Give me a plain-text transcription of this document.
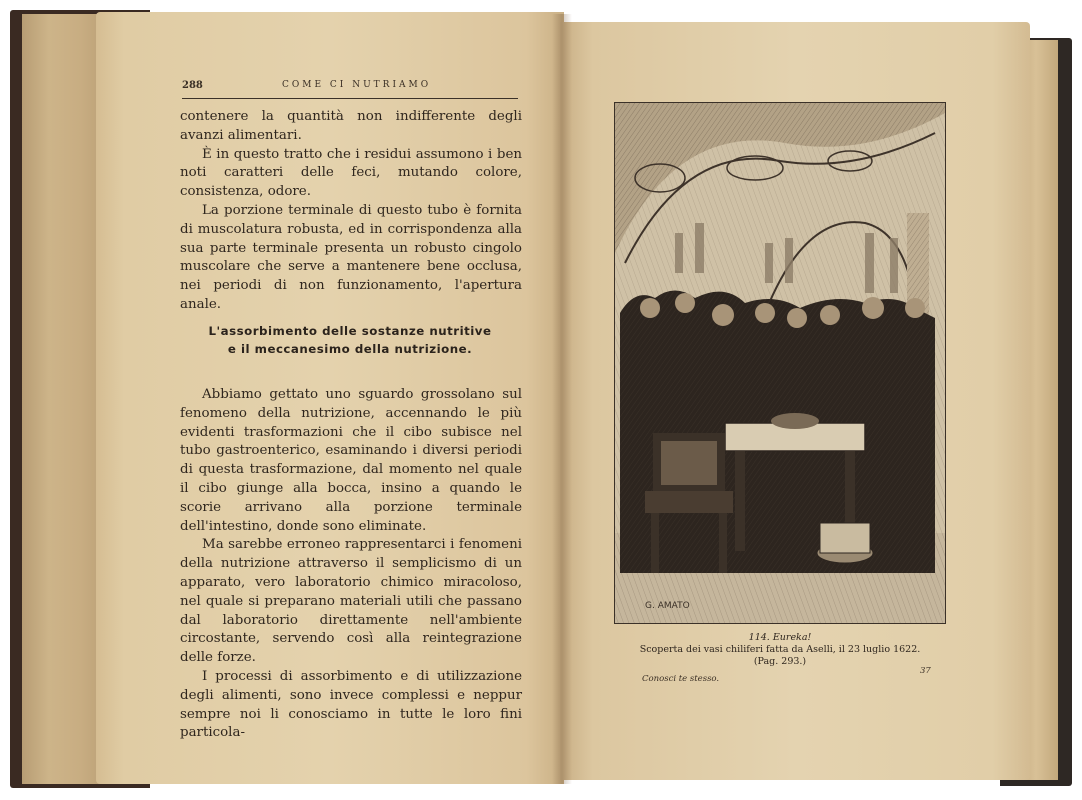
288	COME CI NUTRIAMO

contenere la quantità non indifferente degli avanzi alimentari.

È in questo tratto che i residui assumono i ben noti caratteri delle feci, mutando colore, consistenza, odore.

La porzione terminale di questo tubo è fornita di muscolatura robusta, ed in corrispondenza alla sua parte terminale presenta un robusto cingolo muscolare che serve a mantenere bene occlusa, nei periodi di non funzionamento, l'apertura anale.

L'assorbimento delle sostanze nutritive
e il meccanesimo della nutrizione.

Abbiamo gettato uno sguardo grossolano sul fenomeno della nutrizione, accennando le più evidenti trasformazioni che il cibo subisce nel tubo gastroenterico, esaminando i diversi periodi di questa trasformazione, dal momento nel quale il cibo giunge alla bocca, insino a quando le scorie arrivano alla porzione terminale dell'intestino, donde sono eliminate.

Ma sarebbe erroneo rappresentarci i fenomeni della nutrizione attraverso il semplicismo di un apparato, vero laboratorio chimico miracoloso, nel quale si preparano materiali utili che passano dal laboratorio direttamente nell'ambiente circostante, servendo così alla reintegrazione delle forze.

I processi di assorbimento e di utilizzazione degli alimenti, sono invece complessi e neppur sempre noi li conosciamo in tutte le loro fini particola-

G. AMATO
114. Eureka!
Scoperta dei vasi chiliferi fatta da Aselli, il 23 luglio 1622.
(Pag. 293.)
Conosci te stesso.
37
